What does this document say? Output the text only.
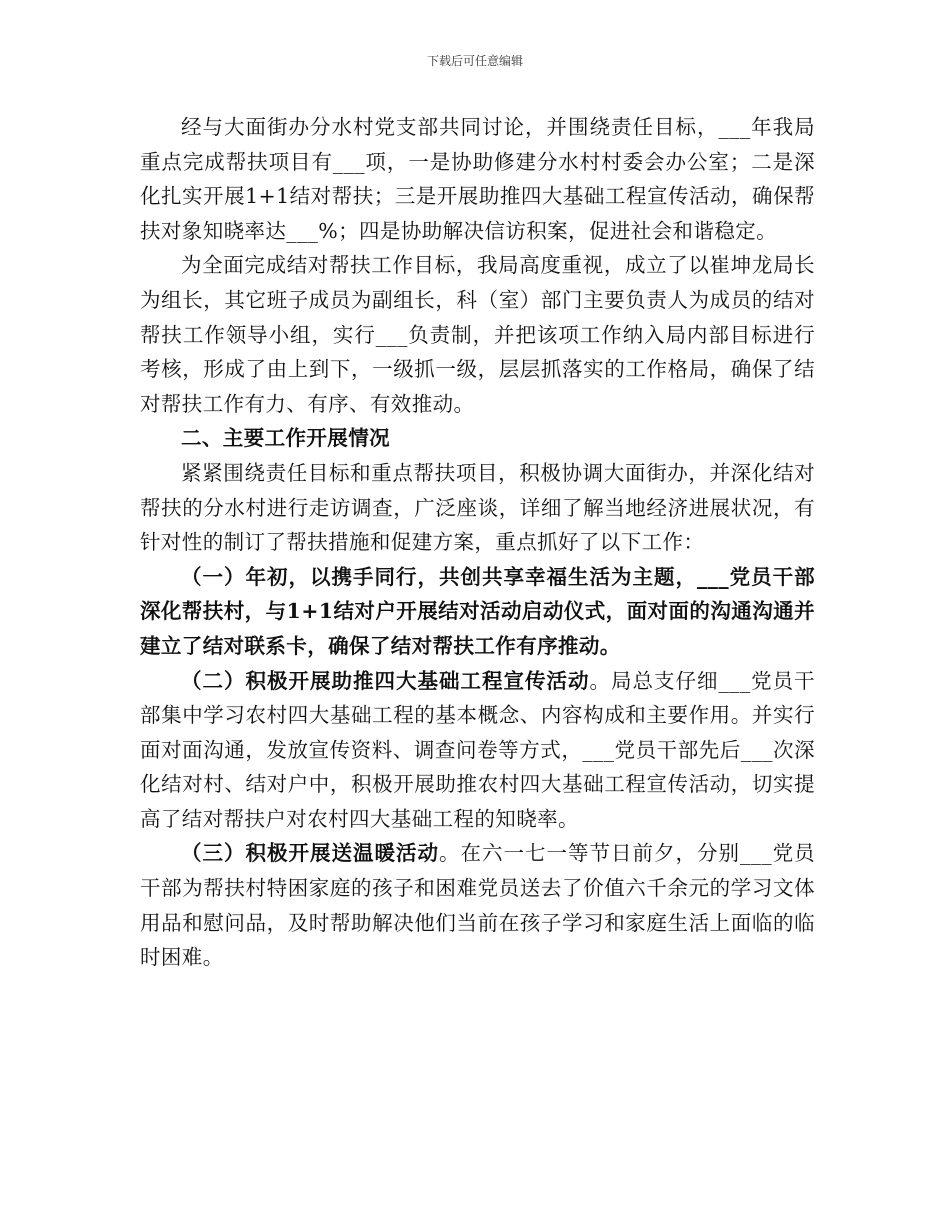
下载后可任意编辑

经与大面街办分水村党支部共同讨论，并围绕责任目标，___年我局重点完成帮扶项目有___项，一是协助修建分水村村委会办公室；二是深化扎实开展1+1结对帮扶；三是开展助推四大基础工程宣传活动，确保帮扶对象知晓率达___%；四是协助解决信访积案，促进社会和谐稳定。

为全面完成结对帮扶工作目标，我局高度重视，成立了以崔坤龙局长为组长，其它班子成员为副组长，科（室）部门主要负责人为成员的结对帮扶工作领导小组，实行___负责制，并把该项工作纳入局内部目标进行考核，形成了由上到下，一级抓一级，层层抓落实的工作格局，确保了结对帮扶工作有力、有序、有效推动。

二、主要工作开展情况

紧紧围绕责任目标和重点帮扶项目，积极协调大面街办，并深化结对帮扶的分水村进行走访调查，广泛座谈，详细了解当地经济进展状况，有针对性的制订了帮扶措施和促建方案，重点抓好了以下工作：

（一）年初，以携手同行，共创共享幸福生活为主题，___党员干部深化帮扶村，与1+1结对户开展结对活动启动仪式，面对面的沟通沟通并建立了结对联系卡，确保了结对帮扶工作有序推动。

（二）积极开展助推四大基础工程宣传活动。局总支仔细___党员干部集中学习农村四大基础工程的基本概念、内容构成和主要作用。并实行面对面沟通，发放宣传资料、调查问卷等方式，___党员干部先后___次深化结对村、结对户中，积极开展助推农村四大基础工程宣传活动，切实提高了结对帮扶户对农村四大基础工程的知晓率。

（三）积极开展送温暖活动。在六一七一等节日前夕，分别___党员干部为帮扶村特困家庭的孩子和困难党员送去了价值六千余元的学习文体用品和慰问品，及时帮助解决他们当前在孩子学习和家庭生活上面临的临时困难。
